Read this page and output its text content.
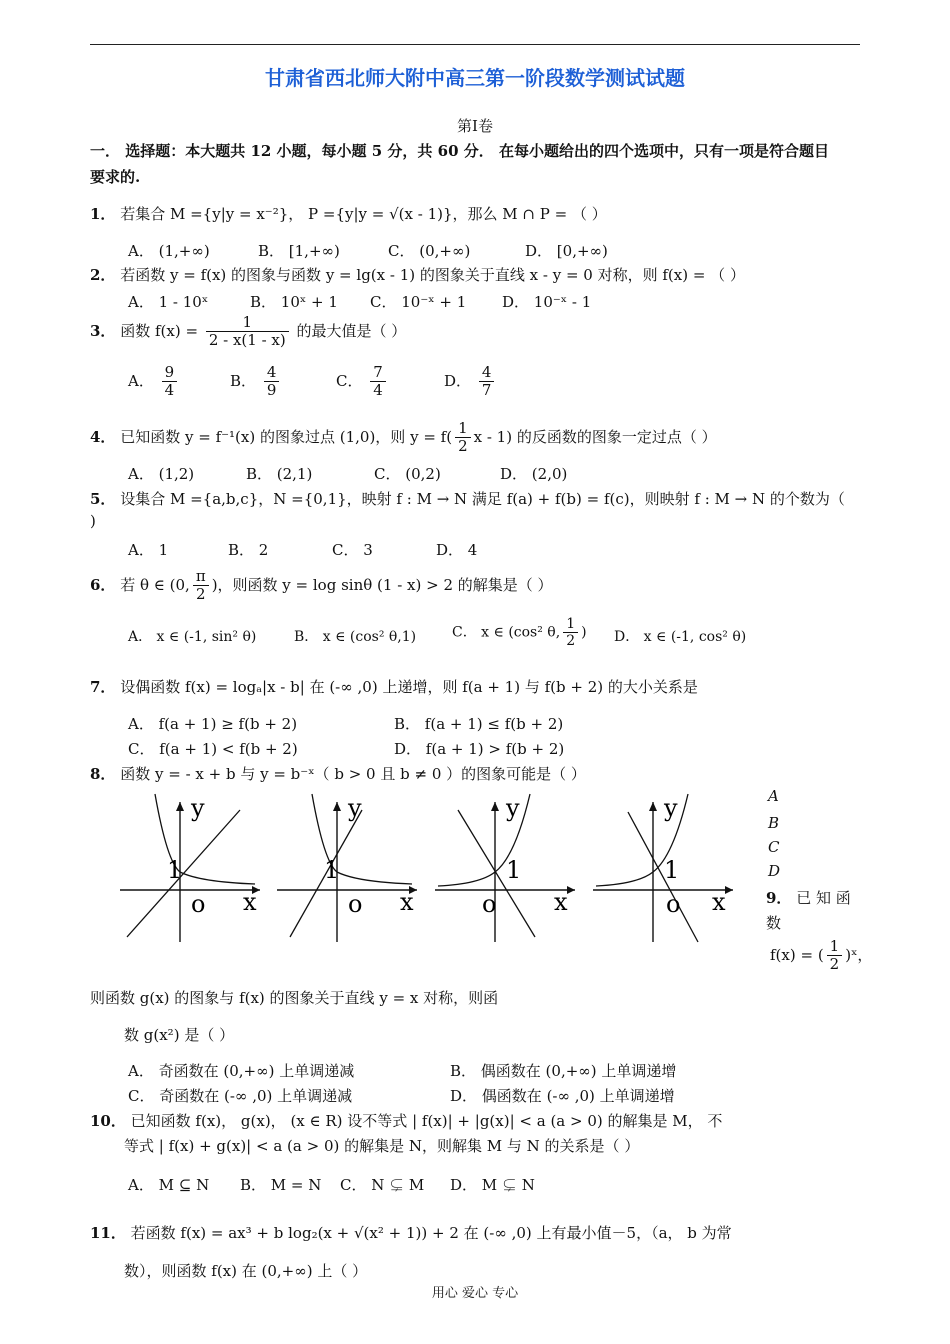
甘肃省西北师大附中高三第一阶段数学测试试题
第Ⅰ卷
一． 选择题：本大题共 12 小题，每小题 5 分，共 60 分． 在每小题给出的四个选项中，只有一项是符合题目
要求的.
1． 若集合 M ={y|y = x⁻²}， P ={y|y = √(x - 1)}，那么 M ∩ P = （ ）
A． (1,+∞)	B． [1,+∞)	C． (0,+∞)	D． [0,+∞)
2． 若函数 y = f(x) 的图象与函数 y = lg(x - 1) 的图象关于直线 x - y = 0 对称，则 f(x) = （ ）
A． 1 - 10ˣ	B． 10ˣ + 1 C． 10⁻ˣ + 1 D． 10⁻ˣ - 1
3． 函数 $f(x) = \frac{1}{2 - x(1 - x)}$ 的最大值是（ ）
A． $\frac{9}{4}$	B． $\frac{4}{9}$	C． $\frac{7}{4}$	D． $\frac{4}{7}$
4． 已知函数 y = f⁻¹(x) 的图象过点 (1,0)，则 $y = f( \frac{1}{2}$ x - 1) 的反函数的图象一定过点（ ）
A． (1,2)	B． (2,1)	C． (0,2)	D． (2,0)
5． 设集合 M ={a,b,c}，N ={0,1}，映射 f : M → N 满足 f(a) + f(b) = f(c)，则映射 f : M → N 的个数为（
)
A． 1	B． 2	C． 3	D． 4
6． 若 θ ∈ (0, $\frac{\pi}{2}$ )，则函数 y = log sinθ (1 - x) > 2 的解集是（ ）
A． x ∈ (-1, sin² θ)	B． x ∈ (cos² θ,1)	C． x ∈ (cos² θ, $\frac{1}{2}$ ) D． x ∈ (-1, cos² θ)
7． 设偶函数 f(x) = logₐ|x - b| 在 (-∞ ,0) 上递增，则 f(a + 1) 与 f(b + 2) 的大小关系是
A． f(a + 1) ≥ f(b + 2)	B． f(a + 1) ≤ f(b + 2)
C． f(a + 1) < f(b + 2)	D． f(a + 1) > f(b + 2)
8． 函数 y = - x + b 与 y = b⁻ˣ（ b > 0 且 b ≠ 0 ）的图象可能是（ ）
y
x
o
1
y
x
o
1
y
x
o
1
y
x
o
1
A
B
C
D
9． 已 知 函
数
f(x) = ( $\frac{1}{2}$ )ˣ，
则函数 g(x) 的图象与 f(x) 的图象关于直线 y = x 对称，则函
数 g(x²) 是（ ）
A． 奇函数在 (0,+∞) 上单调递减	B． 偶函数在 (0,+∞) 上单调递增
C． 奇函数在 (-∞ ,0) 上单调递减	D． 偶函数在 (-∞ ,0) 上单调递增
10． 已知函数 f(x)， g(x)， (x ∈ R) 设不等式 | f(x)| + |g(x)| < a (a > 0) 的解集是 M， 不
等式 | f(x) + g(x)| < a (a > 0) 的解集是 N，则解集 M 与 N 的关系是（ ）
A． M ⊆ N B． M = N C． N ⊊ M D． M ⊊ N
11． 若函数 f(x) = ax³ + b log₂(x + √(x² + 1)) + 2 在 (-∞ ,0) 上有最小值－5，（a， b 为常
数），则函数 f(x) 在 (0,+∞) 上（ ）
用心 爱心 专心
